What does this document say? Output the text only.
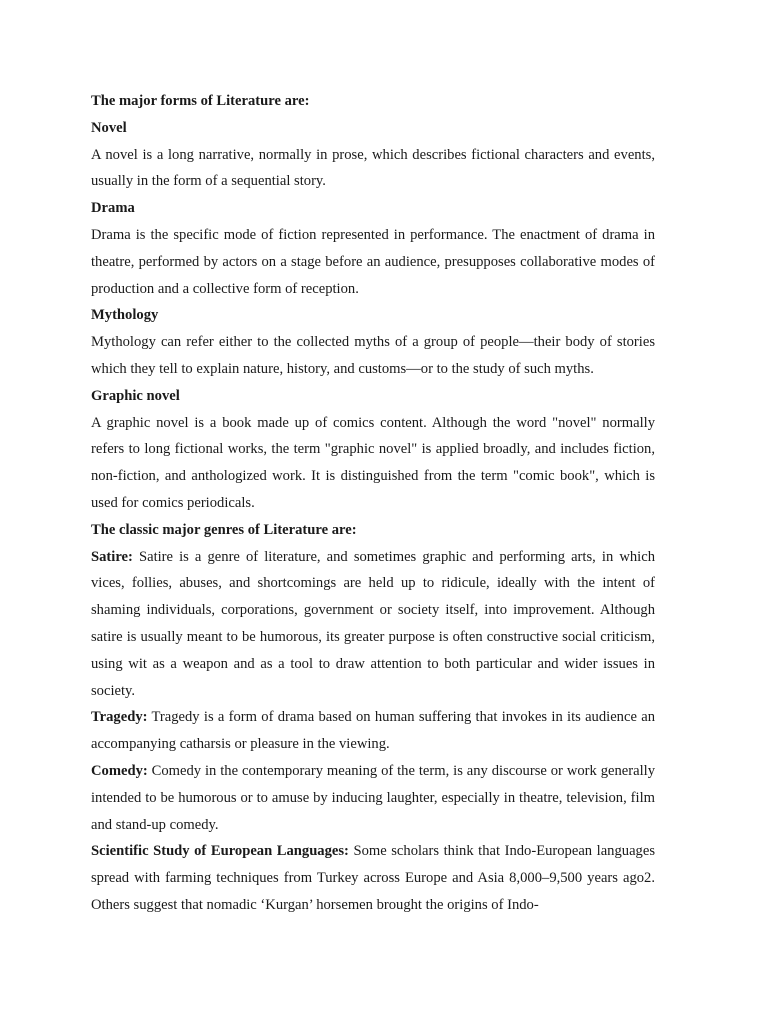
The major forms of Literature are:

Novel

A novel is a long narrative, normally in prose, which describes fictional characters and events, usually in the form of a sequential story.

Drama

Drama is the specific mode of fiction represented in performance. The enactment of drama in theatre, performed by actors on a stage before an audience, presupposes collaborative modes of production and a collective form of reception.

Mythology

Mythology can refer either to the collected myths of a group of people—their body of stories which they tell to explain nature, history, and customs—or to the study of such myths.

Graphic novel

A graphic novel is a book made up of comics content. Although the word "novel" normally refers to long fictional works, the term "graphic novel" is applied broadly, and includes fiction, non-fiction, and anthologized work. It is distinguished from the term "comic book", which is used for comics periodicals.

The classic major genres of Literature are:

Satire: Satire is a genre of literature, and sometimes graphic and performing arts, in which vices, follies, abuses, and shortcomings are held up to ridicule, ideally with the intent of shaming individuals, corporations, government or society itself, into improvement. Although satire is usually meant to be humorous, its greater purpose is often constructive social criticism, using wit as a weapon and as a tool to draw attention to both particular and wider issues in society.

Tragedy: Tragedy is a form of drama based on human suffering that invokes in its audience an accompanying catharsis or pleasure in the viewing.

Comedy: Comedy in the contemporary meaning of the term, is any discourse or work generally intended to be humorous or to amuse by inducing laughter, especially in theatre, television, film and stand-up comedy.

Scientific Study of European Languages: Some scholars think that Indo-European languages spread with farming techniques from Turkey across Europe and Asia 8,000–9,500 years ago2. Others suggest that nomadic ‘Kurgan’ horsemen brought the origins of Indo-
